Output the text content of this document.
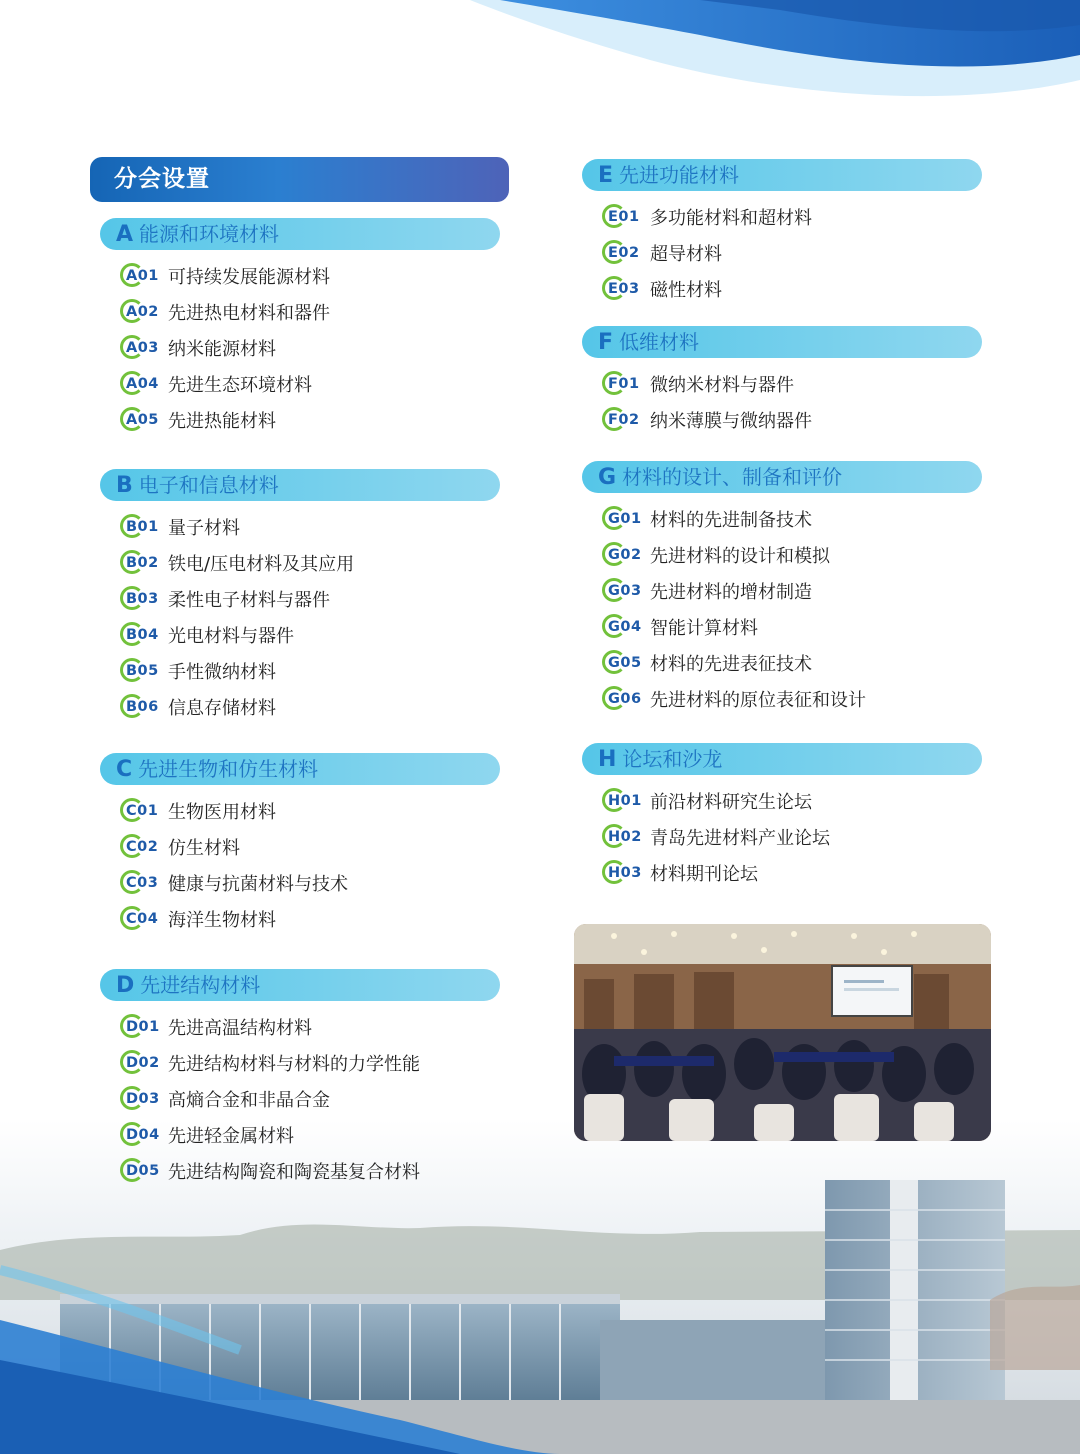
分会设置
A 能源和环境材料
A01 可持续发展能源材料
A02 先进热电材料和器件
A03 纳米能源材料
A04 先进生态环境材料
A05 先进热能材料
B 电子和信息材料
B01 量子材料
B02 铁电/压电材料及其应用
B03 柔性电子材料与器件
B04 光电材料与器件
B05 手性微纳材料
B06 信息存储材料
C 先进生物和仿生材料
C01 生物医用材料
C02 仿生材料
C03 健康与抗菌材料与技术
C04 海洋生物材料
D 先进结构材料
D01 先进高温结构材料
D02 先进结构材料与材料的力学性能
D03 高熵合金和非晶合金
D04 先进轻金属材料
D05 先进结构陶瓷和陶瓷基复合材料
E 先进功能材料
E01 多功能材料和超材料
E02 超导材料
E03 磁性材料
F 低维材料
F01 微纳米材料与器件
F02 纳米薄膜与微纳器件
G 材料的设计、制备和评价
G01 材料的先进制备技术
G02 先进材料的设计和模拟
G03 先进材料的增材制造
G04 智能计算材料
G05 材料的先进表征技术
G06 先进材料的原位表征和设计
H 论坛和沙龙
H01 前沿材料研究生论坛
H02 青岛先进材料产业论坛
H03 材料期刊论坛
